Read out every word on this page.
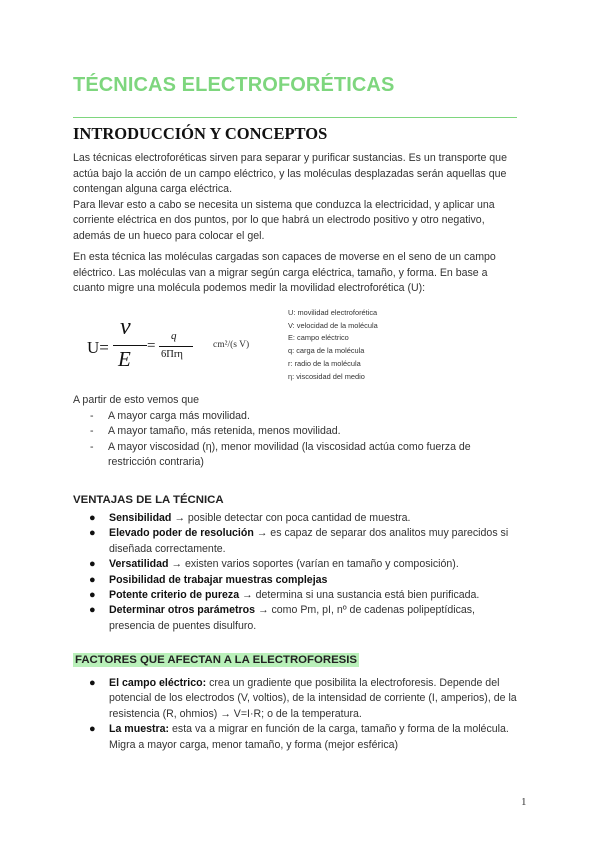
TÉCNICAS ELECTROFORÉTICAS
INTRODUCCIÓN Y CONCEPTOS

Las técnicas electroforéticas sirven para separar y purificar sustancias. Es un transporte que
actúa bajo la acción de un campo eléctrico, y las moléculas desplazadas serán aquellas que
contengan alguna carga eléctrica.
Para llevar esto a cabo se necesita un sistema que conduzca la electricidad, y aplicar una
corriente eléctrica en dos puntos, por lo que habrá un electrodo positivo y otro negativo,
además de un hueco para colocar el gel.

En esta técnica las moléculas cargadas son capaces de moverse en el seno de un campo
eléctrico. Las moléculas van a migrar según carga eléctrica, tamaño, y forma. En base a
cuanto migre una molécula podemos medir la movilidad electroforética (U):

U=
v
E
=
q
6Πrη
cm²/(s V)
U: movilidad electroforética
V: velocidad de la molécula
E: campo eléctrico
q: carga de la molécula
r: radio de la molécula
η: viscosidad del medio

A partir de esto vemos que

- A mayor carga más movilidad.
- A mayor tamaño, más retenida, menos movilidad.
- A mayor viscosidad (η), menor movilidad (la viscosidad actúa como fuerza de restricción contraria)
VENTAJAS DE LA TÉCNICA
● Sensibilidad → posible detectar con poca cantidad de muestra.
● Elevado poder de resolución → es capaz de separar dos analitos muy parecidos si diseñada correctamente.
● Versatilidad → existen varios soportes (varían en tamaño y composición).
● Posibilidad de trabajar muestras complejas
● Potente criterio de pureza → determina si una sustancia está bien purificada.
● Determinar otros parámetros → como Pm, pI, nº de cadenas polipeptídicas, presencia de puentes disulfuro.
FACTORES QUE AFECTAN A LA ELECTROFORESIS
● El campo eléctrico: crea un gradiente que posibilita la electroforesis. Depende del potencial de los electrodos (V, voltios), de la intensidad de corriente (I, amperios), de la resistencia (R, ohmios) → V=I·R; o de la temperatura.
● La muestra: esta va a migrar en función de la carga, tamaño y forma de la molécula. Migra a mayor carga, menor tamaño, y forma (mejor esférica)
1
